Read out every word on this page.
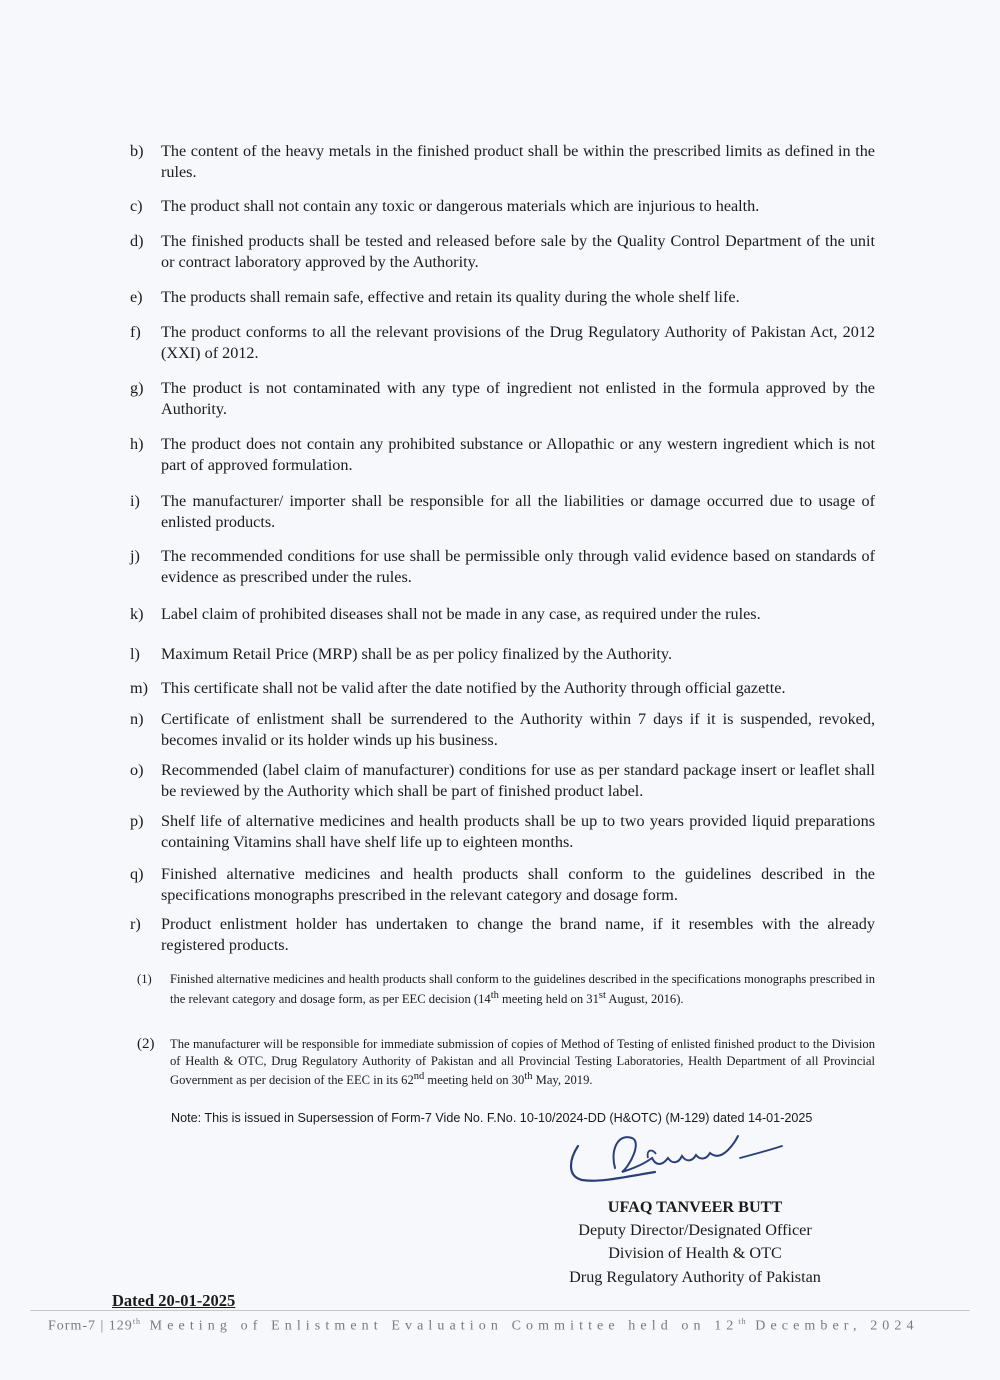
b)	The content of the heavy metals in the finished product shall be within the prescribed limits as defined in the rules.
c)	The product shall not contain any toxic or dangerous materials which are injurious to health.
d)	The finished products shall be tested and released before sale by the Quality Control Department of the unit or contract laboratory approved by the Authority.
e)	The products shall remain safe, effective and retain its quality during the whole shelf life.
f)	The product conforms to all the relevant provisions of the Drug Regulatory Authority of Pakistan Act, 2012 (XXI) of 2012.
g)	The product is not contaminated with any type of ingredient not enlisted in the formula approved by the Authority.
h)	The product does not contain any prohibited substance or Allopathic or any western ingredient which is not part of approved formulation.
i)	The manufacturer/ importer shall be responsible for all the liabilities or damage occurred due to usage of enlisted products.
j)	The recommended conditions for use shall be permissible only through valid evidence based on standards of evidence as prescribed under the rules.
k)	Label claim of prohibited diseases shall not be made in any case, as required under the rules.
l)	Maximum Retail Price (MRP) shall be as per policy finalized by the Authority.
m) This certificate shall not be valid after the date notified by the Authority through official gazette.
n)	Certificate of enlistment shall be surrendered to the Authority within 7 days if it is suspended, revoked, becomes invalid or its holder winds up his business.
o)	Recommended (label claim of manufacturer) conditions for use as per standard package insert or leaflet shall be reviewed by the Authority which shall be part of finished product label.
p)	Shelf life of alternative medicines and health products shall be up to two years provided liquid preparations containing Vitamins shall have shelf life up to eighteen months.
q)	Finished alternative medicines and health products shall conform to the guidelines described in the specifications monographs prescribed in the relevant category and dosage form.
r)	Product enlistment holder has undertaken to change the brand name, if it resembles with the already registered products.
(1) Finished alternative medicines and health products shall conform to the guidelines described in the specifications monographs prescribed in the relevant category and dosage form, as per EEC decision (14th meeting held on 31st August, 2016).
(2) The manufacturer will be responsible for immediate submission of copies of Method of Testing of enlisted finished product to the Division of Health & OTC, Drug Regulatory Authority of Pakistan and all Provincial Testing Laboratories, Health Department of all Provincial Government as per decision of the EEC in its 62nd meeting held on 30th May, 2019.
Note: This is issued in Supersession of Form-7 Vide No. F.No. 10-10/2024-DD (H&OTC) (M-129) dated 14-01-2025
UFAQ TANVEER BUTT
Deputy Director/Designated Officer
Division of Health & OTC
Drug Regulatory Authority of Pakistan
Dated 20-01-2025
Form-7 | 129th Meeting of Enlistment Evaluation Committee held on 12th December, 2024
